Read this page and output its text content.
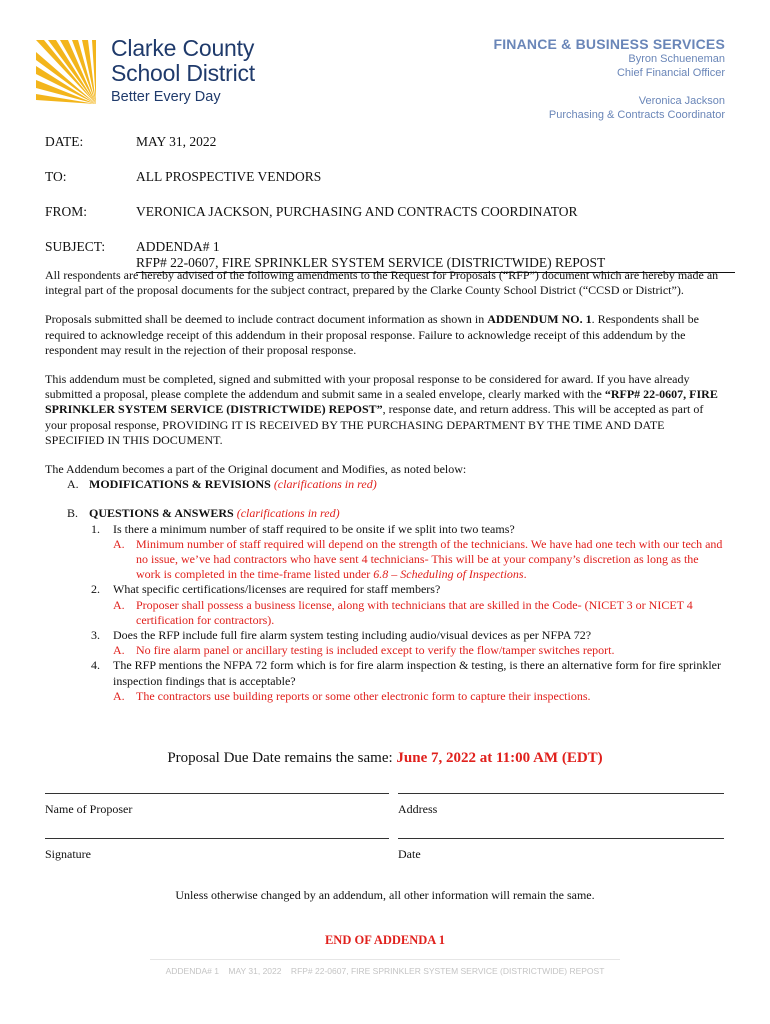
Clarke County
School District
Better Every Day
FINANCE & BUSINESS SERVICES
Byron Schueneman
Chief Financial Officer
Veronica Jackson
Purchasing & Contracts Coordinator
DATE:	MAY 31, 2022
TO:	ALL PROSPECTIVE VENDORS
FROM:	VERONICA JACKSON, PURCHASING AND CONTRACTS COORDINATOR
SUBJECT:	ADDENDA# 1
RFP# 22-0607, FIRE SPRINKLER SYSTEM SERVICE (DISTRICTWIDE) REPOST

All respondents are hereby advised of the following amendments to the Request for Proposals (“RFP”) document which are hereby made an integral part of the proposal documents for the subject contract, prepared by the Clarke County School District (“CCSD or District”).

Proposals submitted shall be deemed to include contract document information as shown in ADDENDUM NO. 1. Respondents shall be required to acknowledge receipt of this addendum in their proposal response. Failure to acknowledge receipt of this addendum by the respondent may result in the rejection of their proposal response.

This addendum must be completed, signed and submitted with your proposal response to be considered for award. If you have already submitted a proposal, please complete the addendum and submit same in a sealed envelope, clearly marked with the “RFP# 22-0607, FIRE SPRINKLER SYSTEM SERVICE (DISTRICTWIDE) REPOST”, response date, and return address. This will be accepted as part of your proposal response, PROVIDING IT IS RECEIVED BY THE PURCHASING DEPARTMENT BY THE TIME AND DATE SPECIFIED IN THIS DOCUMENT.

The Addendum becomes a part of the Original document and Modifies, as noted below:
A. MODIFICATIONS & REVISIONS (clarifications in red)
B. QUESTIONS & ANSWERS (clarifications in red)
1.	Is there a minimum number of staff required to be onsite if we split into two teams?
A. Minimum number of staff required will depend on the strength of the technicians. We have had one tech with our tech and no issue, we’ve had contractors who have sent 4 technicians- This will be at your company’s discretion as long as the work is completed in the time-frame listed under 6.8 – Scheduling of Inspections.
2.	What specific certifications/licenses are required for staff members?
A. Proposer shall possess a business license, along with technicians that are skilled in the Code- (NICET 3 or NICET 4 certification for contractors).
3.	Does the RFP include full fire alarm system testing including audio/visual devices as per NFPA 72?
A. No fire alarm panel or ancillary testing is included except to verify the flow/tamper switches report.
4.	The RFP mentions the NFPA 72 form which is for fire alarm inspection & testing, is there an alternative form for fire sprinkler inspection findings that is acceptable?
A. The contractors use building reports or some other electronic form to capture their inspections.
Proposal Due Date remains the same: June 7, 2022 at 11:00 AM (EDT)
Name of Proposer	Address
Signature	Date
Unless otherwise changed by an addendum, all other information will remain the same.
END OF ADDENDA 1
ADDENDA# 1    MAY 31, 2022    RFP# 22-0607, FIRE SPRINKLER SYSTEM SERVICE (DISTRICTWIDE) REPOST
